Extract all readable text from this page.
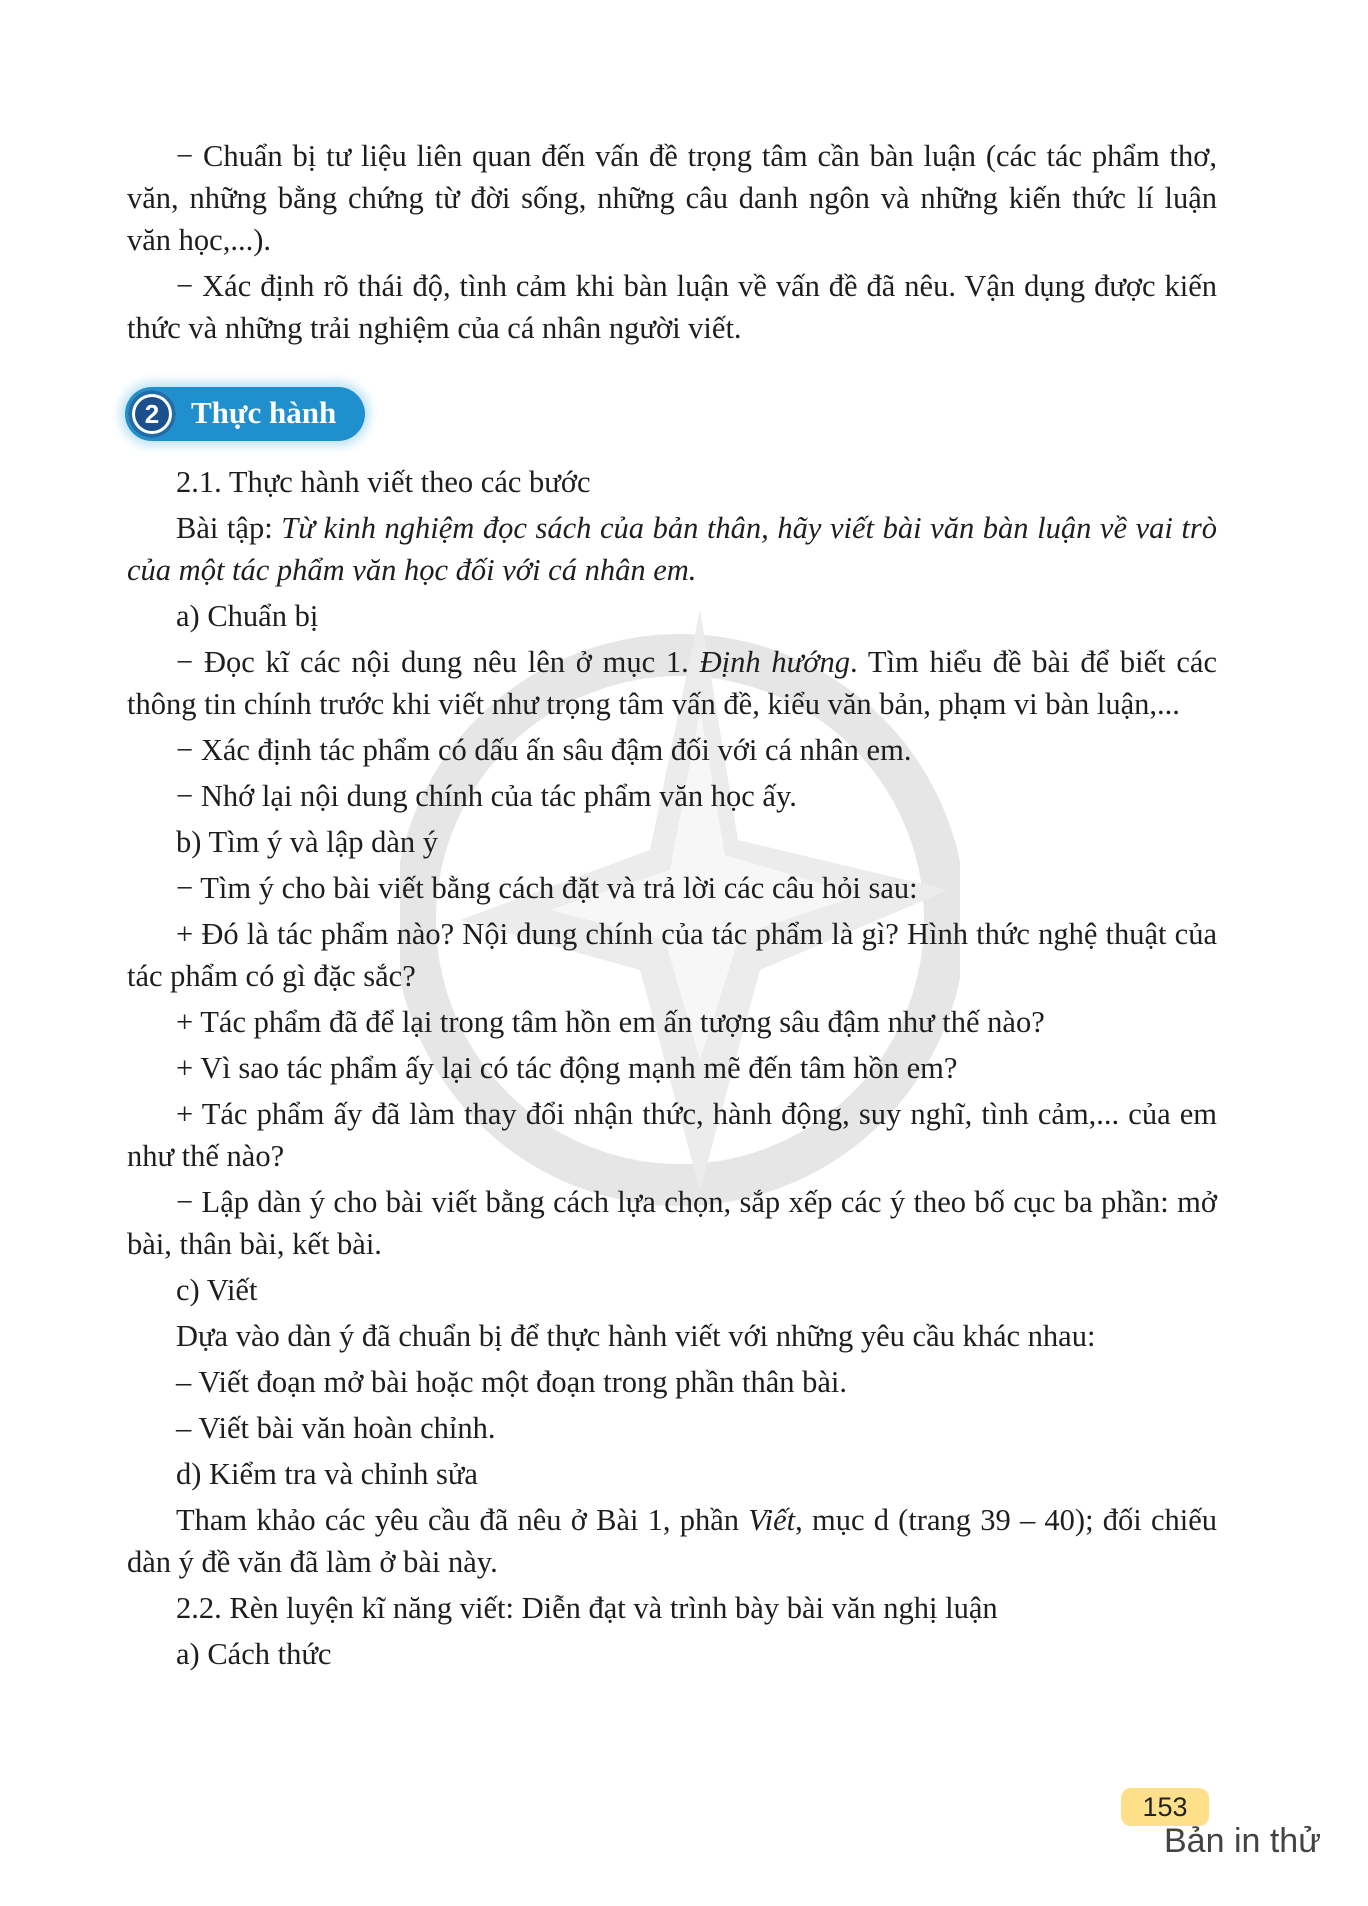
− Chuẩn bị tư liệu liên quan đến vấn đề trọng tâm cần bàn luận (các tác phẩm thơ, văn, những bằng chứng từ đời sống, những câu danh ngôn và những kiến thức lí luận văn học,...).

− Xác định rõ thái độ, tình cảm khi bàn luận về vấn đề đã nêu. Vận dụng được kiến thức và những trải nghiệm của cá nhân người viết.

2	Thực hành

2.1. Thực hành viết theo các bước

Bài tập: Từ kinh nghiệm đọc sách của bản thân, hãy viết bài văn bàn luận về vai trò của một tác phẩm văn học đối với cá nhân em.

a) Chuẩn bị

− Đọc kĩ các nội dung nêu lên ở mục 1. Định hướng. Tìm hiểu đề bài để biết các thông tin chính trước khi viết như trọng tâm vấn đề, kiểu văn bản, phạm vi bàn luận,...

− Xác định tác phẩm có dấu ấn sâu đậm đối với cá nhân em.

− Nhớ lại nội dung chính của tác phẩm văn học ấy.

b) Tìm ý và lập dàn ý

− Tìm ý cho bài viết bằng cách đặt và trả lời các câu hỏi sau:

+ Đó là tác phẩm nào? Nội dung chính của tác phẩm là gì? Hình thức nghệ thuật của tác phẩm có gì đặc sắc?

+ Tác phẩm đã để lại trong tâm hồn em ấn tượng sâu đậm như thế nào?

+ Vì sao tác phẩm ấy lại có tác động mạnh mẽ đến tâm hồn em?

+ Tác phẩm ấy đã làm thay đổi nhận thức, hành động, suy nghĩ, tình cảm,... của em như thế nào?

− Lập dàn ý cho bài viết bằng cách lựa chọn, sắp xếp các ý theo bố cục ba phần: mở bài, thân bài, kết bài.

c) Viết

Dựa vào dàn ý đã chuẩn bị để thực hành viết với những yêu cầu khác nhau:

– Viết đoạn mở bài hoặc một đoạn trong phần thân bài.

– Viết bài văn hoàn chỉnh.

d) Kiểm tra và chỉnh sửa

Tham khảo các yêu cầu đã nêu ở Bài 1, phần Viết, mục d (trang 39 – 40); đối chiếu dàn ý đề văn đã làm ở bài này.

2.2. Rèn luyện kĩ năng viết: Diễn đạt và trình bày bài văn nghị luận

a) Cách thức

153
Bản in thử
